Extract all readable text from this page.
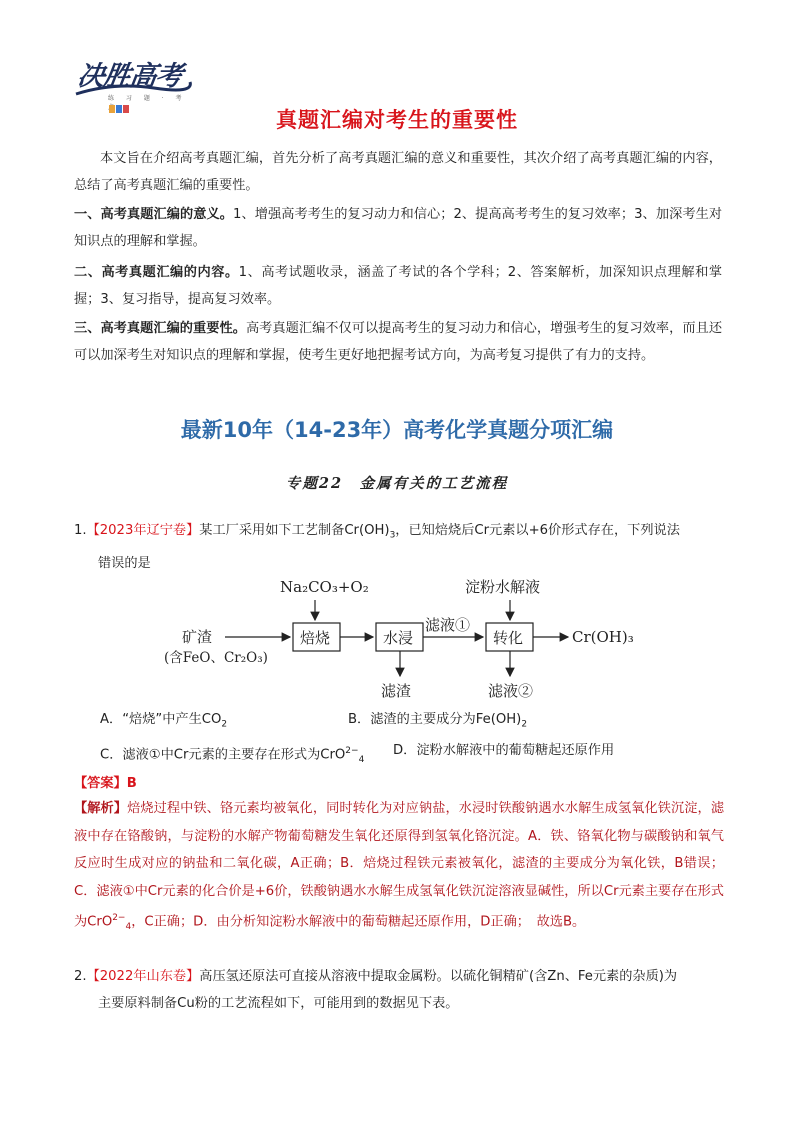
决胜高考
练 习 题 · 考
真题汇编对考生的重要性
本文旨在介绍高考真题汇编，首先分析了高考真题汇编的意义和重要性，其次介绍了高考真题汇编的内容，总结了高考真题汇编的重要性。
一、高考真题汇编的意义。1、增强高考考生的复习动力和信心；2、提高高考考生的复习效率；3、加深考生对知识点的理解和掌握。
二、高考真题汇编的内容。1、高考试题收录，涵盖了考试的各个学科；2、答案解析，加深知识点理解和掌握；3、复习指导，提高复习效率。
三、高考真题汇编的重要性。高考真题汇编不仅可以提高考生的复习动力和信心，增强考生的复习效率，而且还可以加深考生对知识点的理解和掌握，使考生更好地把握考试方向，为高考复习提供了有力的支持。
最新10年（14-23年）高考化学真题分项汇编
专题22　金属有关的工艺流程
1.【2023年辽宁卷】某工厂采用如下工艺制备$Cr(OH)_3$，已知焙烧后Cr元素以+6价形式存在，下列说法
错误的是
Na₂CO₃+O₂	淀粉水解液
矿渣
(含FeO、Cr₂O₃)
焙烧	水浸
滤液①
转化	Cr(OH)₃
滤渣	滤液②
A．“焙烧”中产生$CO_2$	B．滤渣的主要成分为$Fe(OH)_2$
C．滤液①中Cr元素的主要存在形式为CrO$^{2-}_4$
D．淀粉水解液中的葡萄糖起还原作用
【答案】B
【解析】焙烧过程中铁、铬元素均被氧化，同时转化为对应钠盐，水浸时铁酸钠遇水水解生成氢氧化铁沉淀，滤液中存在铬酸钠，与淀粉的水解产物葡萄糖发生氧化还原得到氢氧化铬沉淀。A．铁、铬氧化物与碳酸钠和氧气反应时生成对应的钠盐和二氧化碳，A正确；B．焙烧过程铁元素被氧化，滤渣的主要成分为氧化铁，B错误；C．滤液①中Cr元素的化合价是+6价，铁酸钠遇水水解生成氢氧化铁沉淀溶液显碱性，所以Cr元素主要存在形式为CrO$^{2-}_4$，C正确；D．由分析知淀粉水解液中的葡萄糖起还原作用，D正确；　故选B。
2.【2022年山东卷】高压氢还原法可直接从溶液中提取金属粉。以硫化铜精矿(含Zn、Fe元素的杂质)为
主要原料制备Cu粉的工艺流程如下，可能用到的数据见下表。
